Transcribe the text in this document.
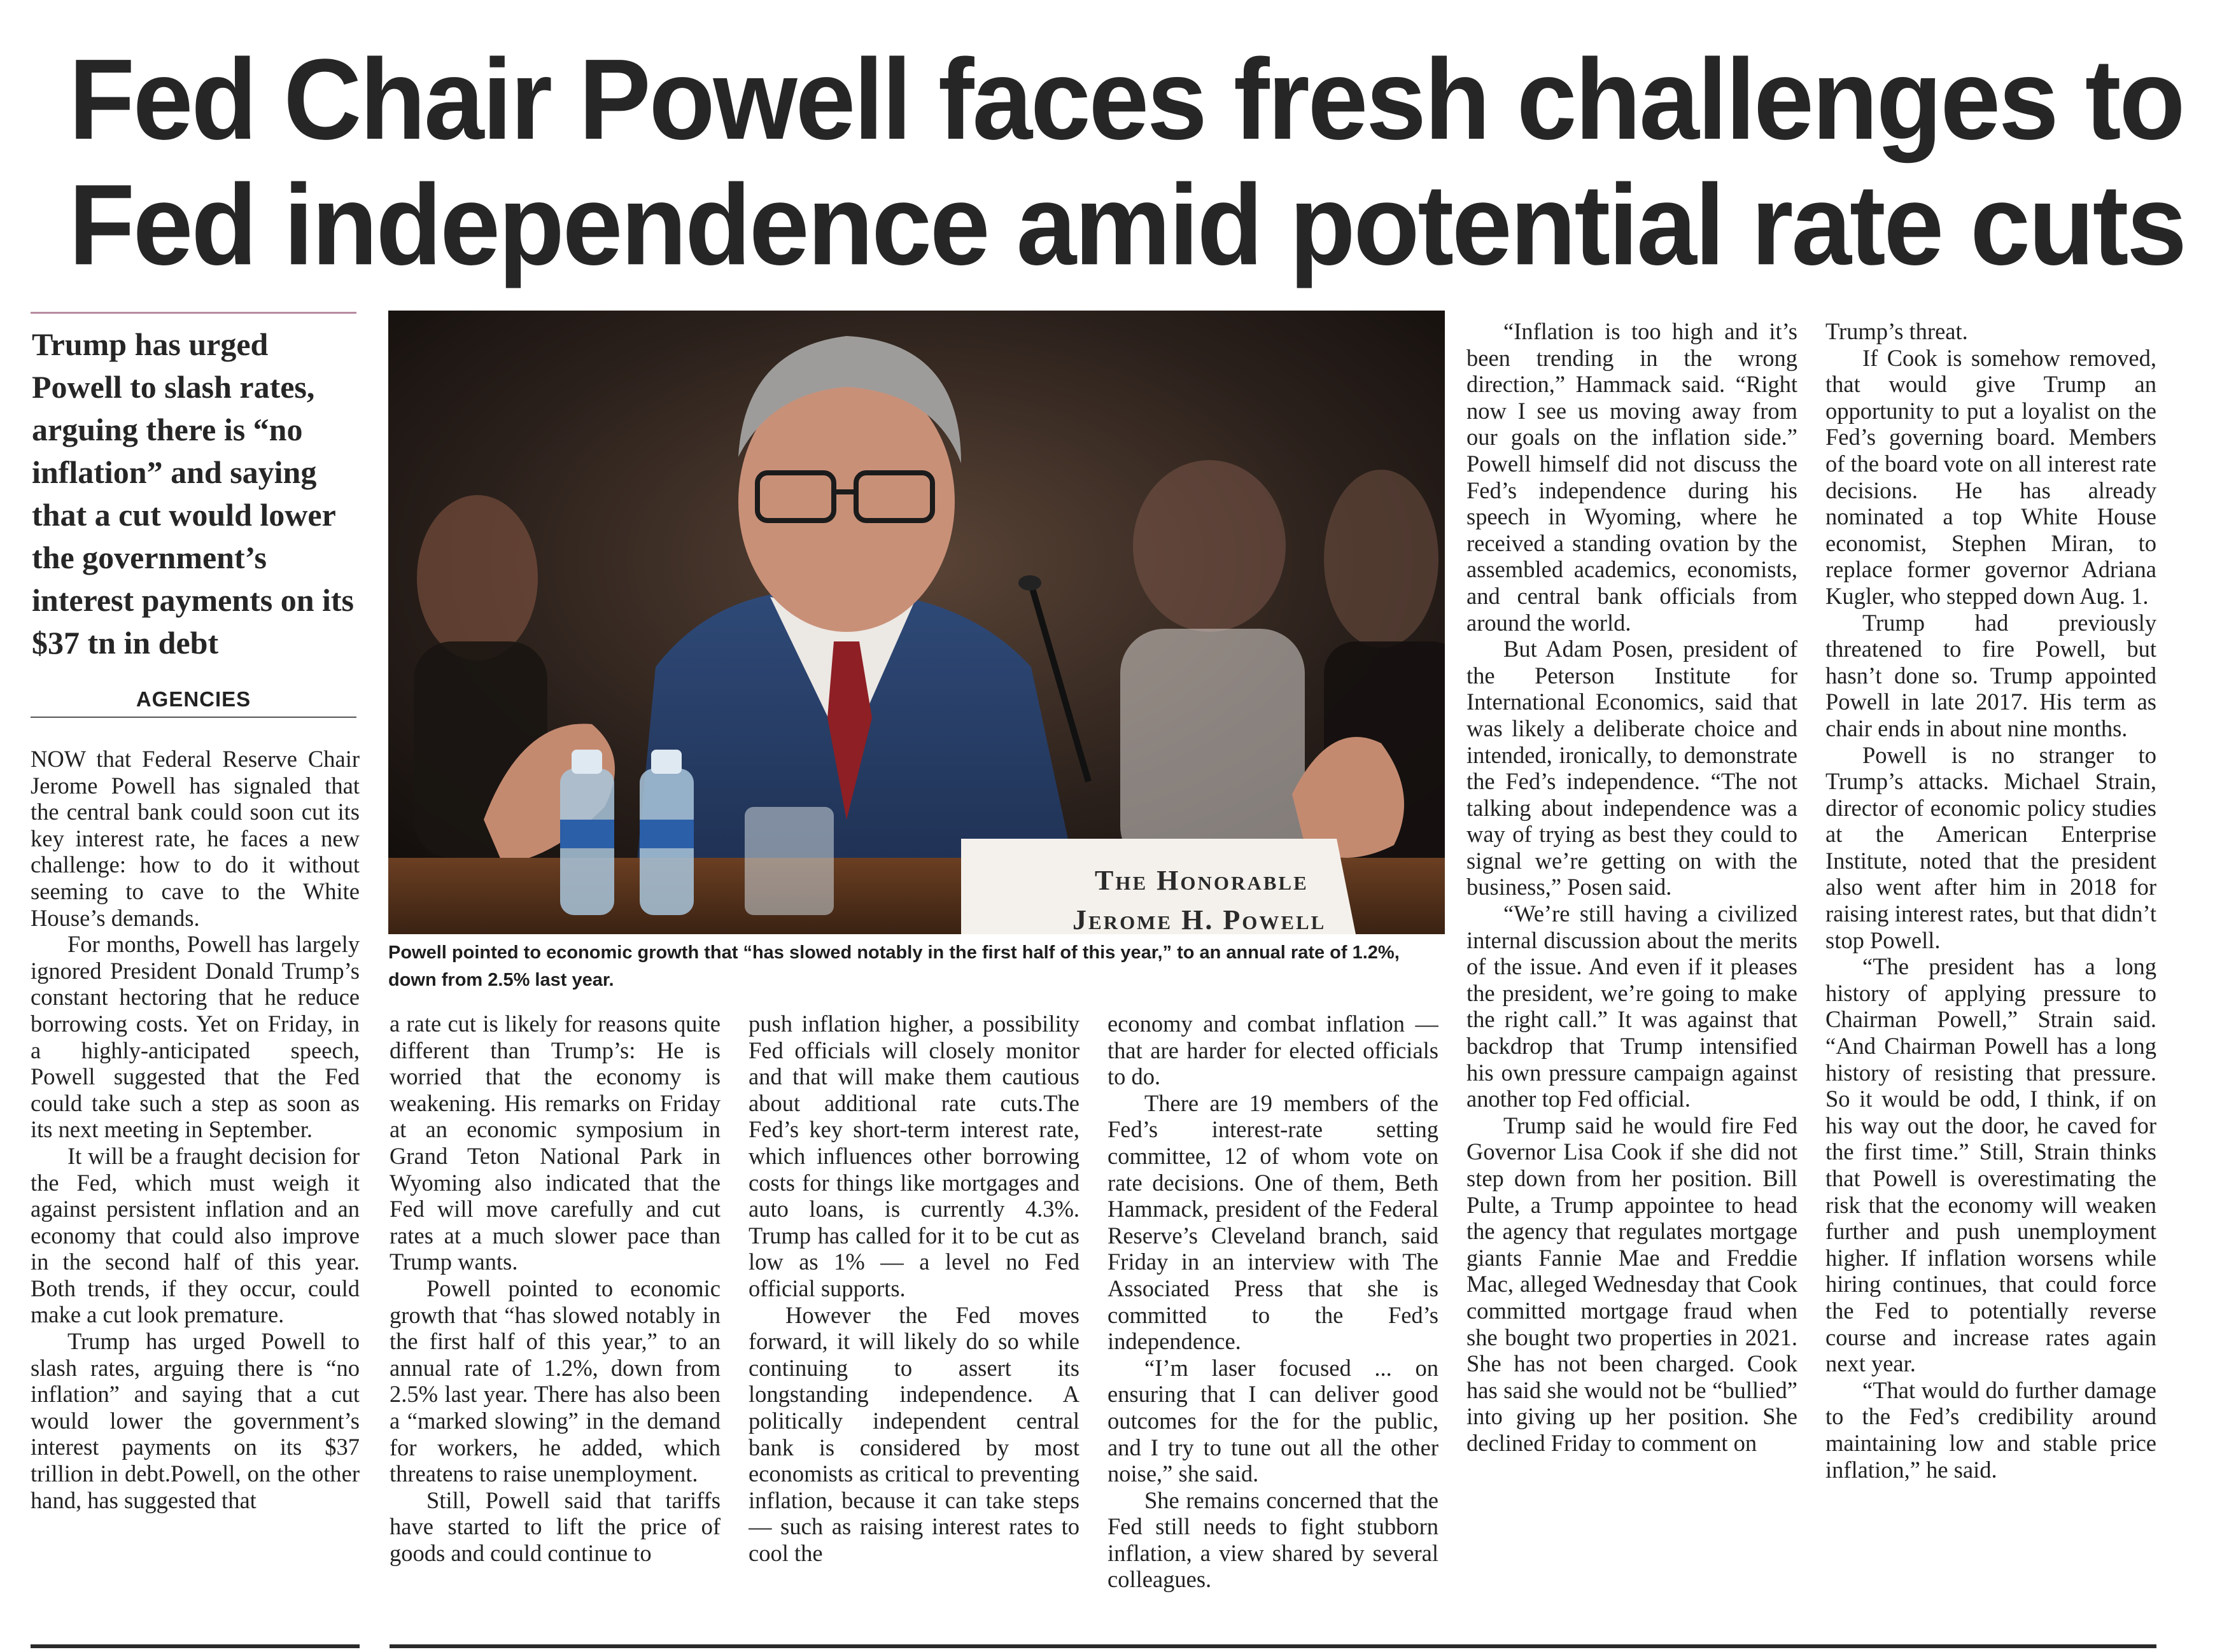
Fed Chair Powell faces fresh challenges to
Fed independence amid potential rate cuts

Trump has urged Powell to slash rates, arguing there is “no inflation” and saying that a cut would lower the government’s interest payments on its $37 tn in debt

AGENCIES
The Honorable
Jerome H. Powell

Powell pointed to economic growth that “has slowed notably in the first half of this year,” to an annual rate of 1.2%, down from 2.5% last year.

NOW that Federal Reserve Chair Jerome Powell has signaled that the central bank could soon cut its key interest rate, he faces a new challenge: how to do it without seeming to cave to the White House’s demands.

For months, Powell has largely ignored President Donald Trump’s constant hectoring that he reduce borrowing costs. Yet on Friday, in a highly-anticipated speech, Powell suggested that the Fed could take such a step as soon as its next meeting in September.

It will be a fraught decision for the Fed, which must weigh it against persistent inflation and an economy that could also improve in the second half of this year. Both trends, if they occur, could make a cut look premature.

Trump has urged Powell to slash rates, arguing there is “no inflation” and saying that a cut would lower the government’s interest payments on its $37 trillion in debt.Powell, on the other hand, has suggested that

a rate cut is likely for reasons quite different than Trump’s: He is worried that the economy is weakening. His remarks on Friday at an economic symposium in Grand Teton National Park in Wyoming also indicated that the Fed will move carefully and cut rates at a much slower pace than Trump wants.

Powell pointed to economic growth that “has slowed notably in the first half of this year,” to an annual rate of 1.2%, down from 2.5% last year. There has also been a “marked slowing” in the demand for workers, he added, which threatens to raise unemployment.

Still, Powell said that tariffs have started to lift the price of goods and could continue to

push inflation higher, a possibility Fed officials will closely monitor and that will make them cautious about additional rate cuts.The Fed’s key short-term interest rate, which influences other borrowing costs for things like mortgages and auto loans, is currently 4.3%. Trump has called for it to be cut as low as 1% — a level no Fed official supports.

However the Fed moves forward, it will likely do so while continuing to assert its longstanding independence. A politically independent central bank is considered by most economists as critical to preventing inflation, because it can take steps — such as raising interest rates to cool the

economy and combat inflation — that are harder for elected officials to do.

There are 19 members of the Fed’s interest-rate setting committee, 12 of whom vote on rate decisions. One of them, Beth Hammack, president of the Federal Reserve’s Cleveland branch, said Friday in an interview with The Associated Press that she is committed to the Fed’s independence.

“I’m laser focused ... on ensuring that I can deliver good outcomes for the for the public, and I try to tune out all the other noise,” she said.

She remains concerned that the Fed still needs to fight stubborn inflation, a view shared by several colleagues.

“Inflation is too high and it’s been trending in the wrong direction,” Hammack said. “Right now I see us moving away from our goals on the inflation side.” Powell himself did not discuss the Fed’s independence during his speech in Wyoming, where he received a standing ovation by the assembled academics, economists, and central bank officials from around the world.

But Adam Posen, president of the Peterson Institute for International Economics, said that was likely a deliberate choice and intended, ironically, to demonstrate the Fed’s independence. “The not talking about independence was a way of trying as best they could to signal we’re getting on with the business,” Posen said.

“We’re still having a civilized internal discussion about the merits of the issue. And even if it pleases the president, we’re going to make the right call.” It was against that backdrop that Trump intensified his own pressure campaign against another top Fed official.

Trump said he would fire Fed Governor Lisa Cook if she did not step down from her position. Bill Pulte, a Trump appointee to head the agency that regulates mortgage giants Fannie Mae and Freddie Mac, alleged Wednesday that Cook committed mortgage fraud when she bought two properties in 2021. She has not been charged. Cook has said she would not be “bullied” into giving up her position. She declined Friday to comment on

Trump’s threat.

If Cook is somehow removed, that would give Trump an opportunity to put a loyalist on the Fed’s governing board. Members of the board vote on all interest rate decisions. He has already nominated a top White House economist, Stephen Miran, to replace former governor Adriana Kugler, who stepped down Aug. 1.

Trump had previously threatened to fire Powell, but hasn’t done so. Trump appointed Powell in late 2017. His term as chair ends in about nine months.

Powell is no stranger to Trump’s attacks. Michael Strain, director of economic policy studies at the American Enterprise Institute, noted that the president also went after him in 2018 for raising interest rates, but that didn’t stop Powell.

“The president has a long history of applying pressure to Chairman Powell,” Strain said. “And Chairman Powell has a long history of resisting that pressure. So it would be odd, I think, if on his way out the door, he caved for the first time.” Still, Strain thinks that Powell is overestimating the risk that the economy will weaken further and push unemployment higher. If inflation worsens while hiring continues, that could force the Fed to potentially reverse course and increase rates again next year.

“That would do further damage to the Fed’s credibility around maintaining low and stable price inflation,” he said.
